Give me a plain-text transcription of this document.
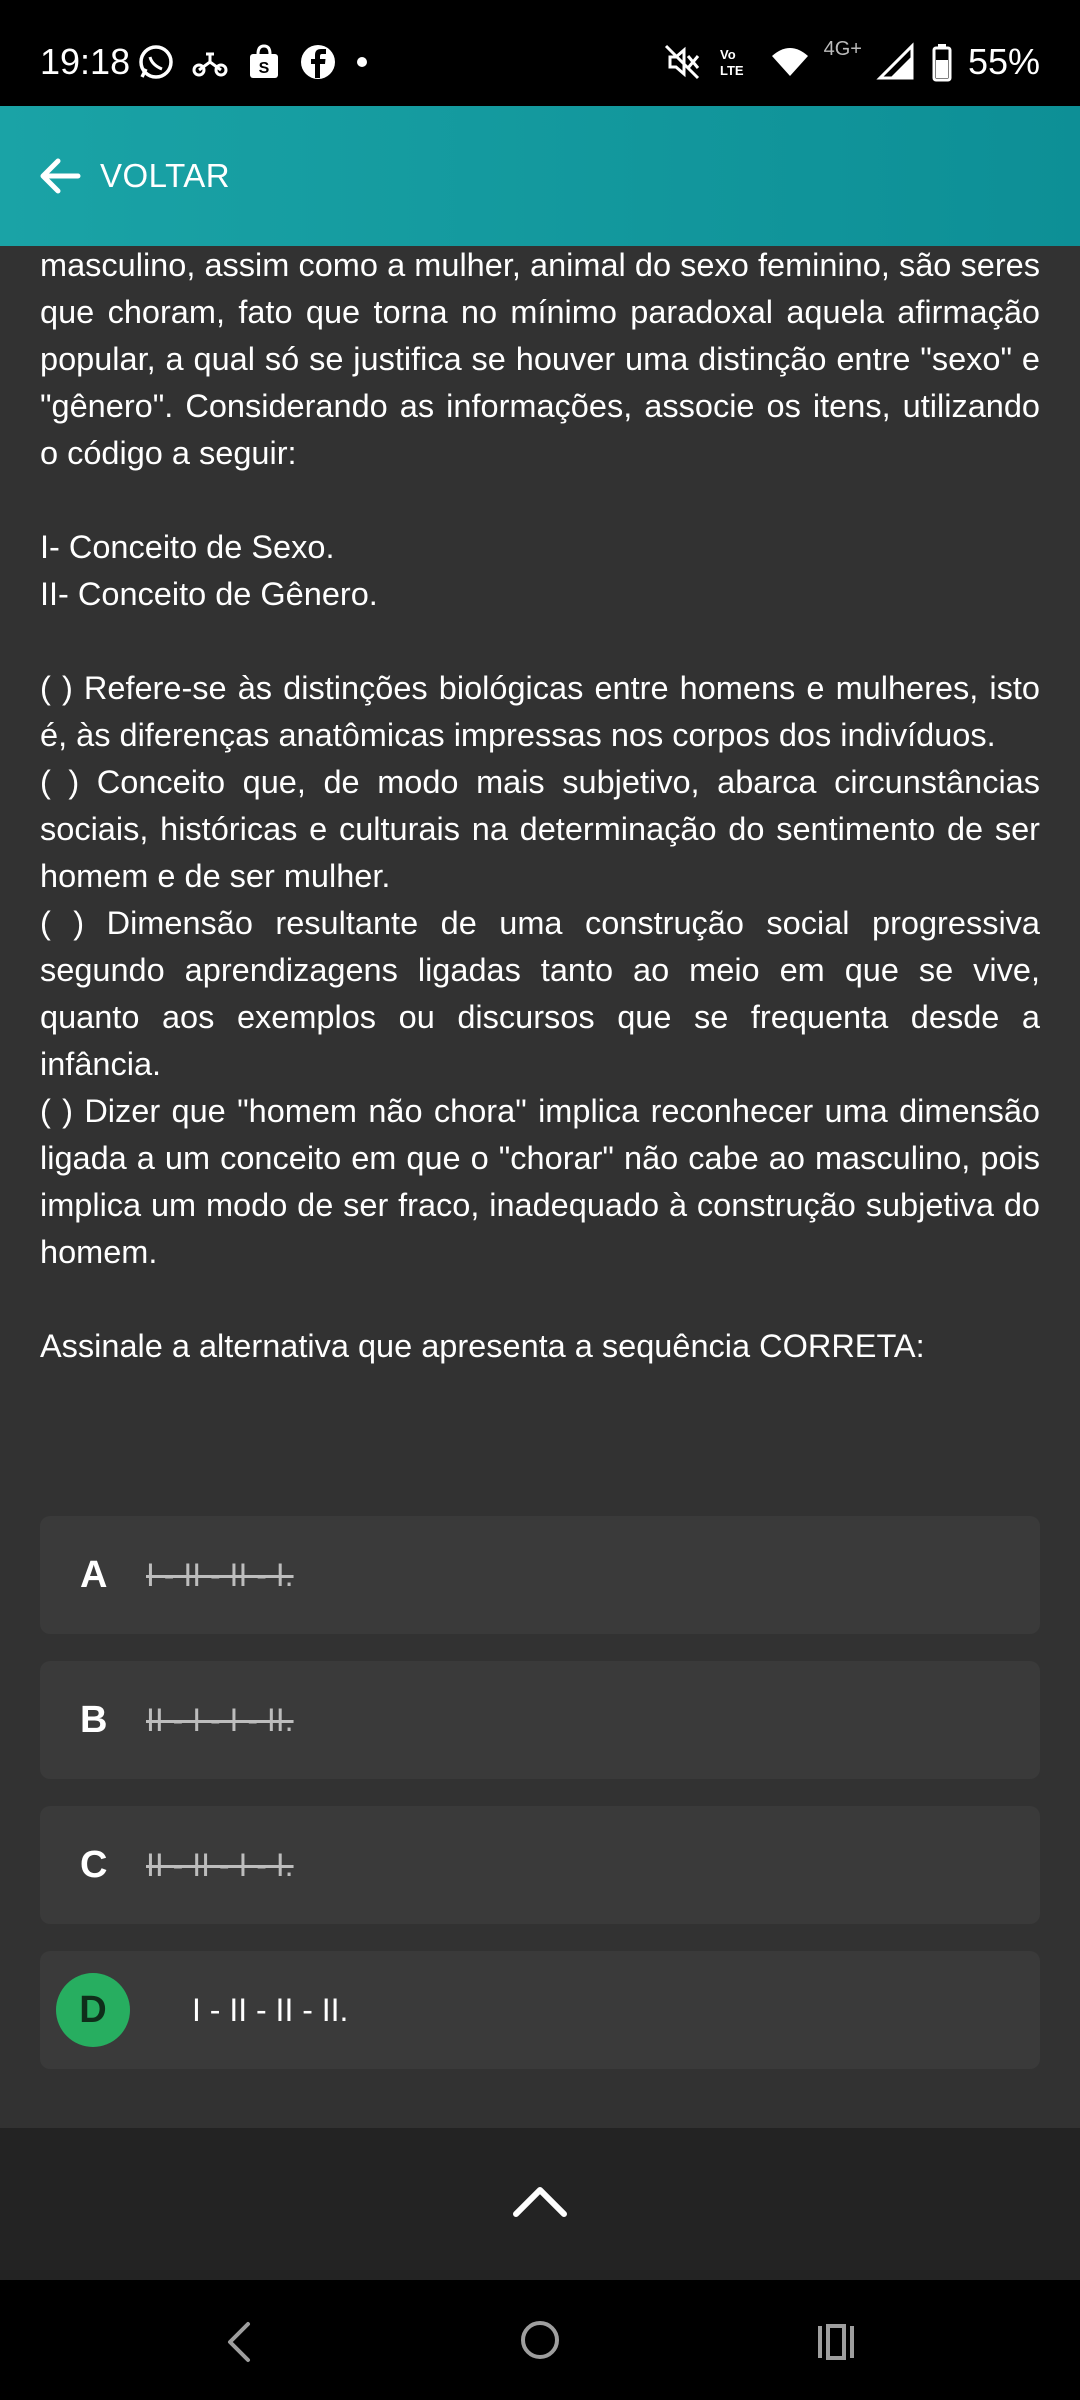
19:18	S
Vo
LTE
4G+	55%
VOLTAR

masculino, assim como a mulher, animal do sexo feminino, são seres que choram, fato que torna no mínimo paradoxal aquela afirmação popular, a qual só se justifica se houver uma distinção entre "sexo" e "gênero". Considerando as informações, associe os itens, utilizando o código a seguir:

I- Conceito de Sexo.

II- Conceito de Gênero.

( ) Refere-se às distinções biológicas entre homens e mulheres, isto é, às diferenças anatômicas impressas nos corpos dos indivíduos.

( ) Conceito que, de modo mais subjetivo, abarca circunstâncias sociais, históricas e culturais na determinação do sentimento de ser homem e de ser mulher.

( ) Dimensão resultante de uma construção social progressiva segundo aprendizagens ligadas tanto ao meio em que se vive, quanto aos exemplos ou discursos que se frequenta desde a infância.

( ) Dizer que "homem não chora" implica reconhecer uma dimensão ligada a um conceito em que o "chorar" não cabe ao masculino, pois implica um modo de ser fraco, inadequado à construção subjetiva do homem.

Assinale a alternativa que apresenta a sequência CORRETA:

A I - II - II - I.
B II - I - I - II.
C II - II - I - I.
D	I - II - II - II.
